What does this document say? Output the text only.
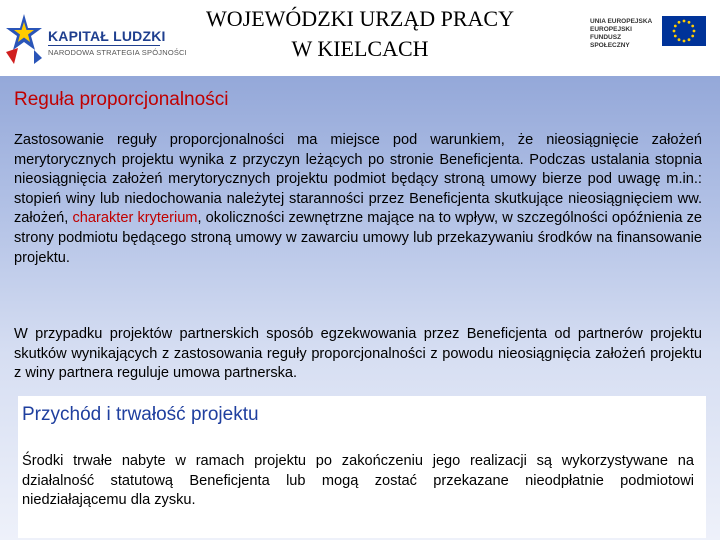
KAPITAŁ LUDZKI
NARODOWA STRATEGIA SPÓJNOŚCI
WOJEWÓDZKI URZĄD PRACY
W KIELCACH
UNIA EUROPEJSKA
EUROPEJSKI
FUNDUSZ SPOŁECZNY
Reguła proporcjonalności
Zastosowanie reguły proporcjonalności ma miejsce pod warunkiem, że nieosiągnięcie założeń merytorycznych projektu wynika z przyczyn leżących po stronie Beneficjenta. Podczas ustalania stopnia nieosiągnięcia założeń merytorycznych projektu podmiot będący stroną umowy bierze pod uwagę m.in.: stopień winy lub niedochowania należytej staranności przez Beneficjenta skutkujące nieosiągnięciem ww. założeń, charakter kryterium, okoliczności zewnętrzne mające na to wpływ, w szczególności opóźnienia ze strony podmiotu będącego stroną umowy w zawarciu umowy lub przekazywaniu środków na finansowanie projektu.
W przypadku projektów partnerskich sposób egzekwowania przez Beneficjenta od partnerów projektu skutków wynikających z zastosowania reguły proporcjonalności z powodu nieosiągnięcia założeń projektu z winy partnera reguluje umowa partnerska.
Przychód i trwałość projektu
Środki trwałe nabyte w ramach projektu po zakończeniu jego realizacji są wykorzystywane na działalność statutową Beneficjenta lub mogą zostać przekazane nieodpłatnie podmiotowi niedziałającemu dla zysku.
